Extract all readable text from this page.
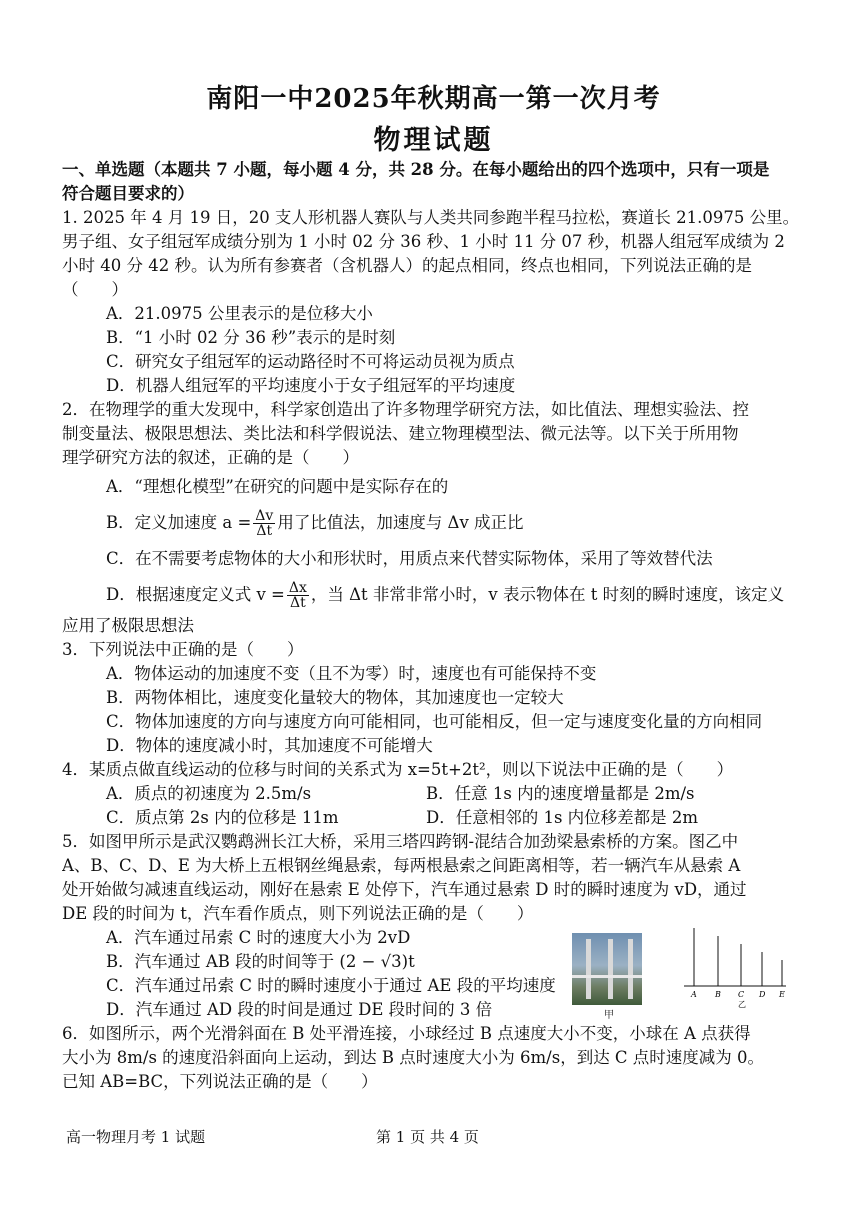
南阳一中2025年秋期高一第一次月考
物理试题
一、单选题（本题共 7 小题，每小题 4 分，共 28 分。在每小题给出的四个选项中，只有一项是
符合题目要求的）
1. 2025 年 4 月 19 日，20 支人形机器人赛队与人类共同参跑半程马拉松，赛道长 21.0975 公里。
男子组、女子组冠军成绩分别为 1 小时 02 分 36 秒、1 小时 11 分 07 秒，机器人组冠军成绩为 2
小时 40 分 42 秒。认为所有参赛者（含机器人）的起点相同，终点也相同，下列说法正确的是
（　　）
A．21.0975 公里表示的是位移大小
B．“1 小时 02 分 36 秒”表示的是时刻
C．研究女子组冠军的运动路径时不可将运动员视为质点
D．机器人组冠军的平均速度小于女子组冠军的平均速度
2．在物理学的重大发现中，科学家创造出了许多物理学研究方法，如比值法、理想实验法、控
制变量法、极限思想法、类比法和科学假说法、建立物理模型法、微元法等。以下关于所用物
理学研究方法的叙述，正确的是（　　）
A．“理想化模型”在研究的问题中是实际存在的
B．定义加速度 $a = \frac{\Delta v}{\Delta t}$ 用了比值法，加速度与 Δv 成正比
C．在不需要考虑物体的大小和形状时，用质点来代替实际物体，采用了等效替代法
D．根据速度定义式 $v = \frac{\Delta x}{\Delta t}$ ，当 Δt 非常非常小时，v 表示物体在 t 时刻的瞬时速度，该定义
应用了极限思想法
3．下列说法中正确的是（　　）
A．物体运动的加速度不变（且不为零）时，速度也有可能保持不变
B．两物体相比，速度变化量较大的物体，其加速度也一定较大
C．物体加速度的方向与速度方向可能相同，也可能相反，但一定与速度变化量的方向相同
D．物体的速度减小时，其加速度不可能增大
4．某质点做直线运动的位移与时间的关系式为 x=5t+2t²，则以下说法中正确的是（　　）
A．质点的初速度为 2.5m/s	B．任意 1s 内的速度增量都是 2m/s
C．质点第 2s 内的位移是 11m	D．任意相邻的 1s 内位移差都是 2m
5．如图甲所示是武汉鹦鹉洲长江大桥，采用三塔四跨钢-混结合加劲梁悬索桥的方案。图乙中
A、B、C、D、E 为大桥上五根钢丝绳悬索，每两根悬索之间距离相等，若一辆汽车从悬索 A
处开始做匀减速直线运动，刚好在悬索 E 处停下，汽车通过悬索 D 时的瞬时速度为 vD，通过
DE 段的时间为 t，汽车看作质点，则下列说法正确的是（　　）
A．汽车通过吊索 C 时的速度大小为 2vD
B．汽车通过 AB 段的时间等于 (2 − √3)t
C．汽车通过吊索 C 时的瞬时速度小于通过 AE 段的平均速度
D．汽车通过 AD 段的时间是通过 DE 段时间的 3 倍
6．如图所示，两个光滑斜面在 B 处平滑连接，小球经过 B 点速度大小不变，小球在 A 点获得
大小为 8m/s 的速度沿斜面向上运动，到达 B 点时速度大小为 6m/s，到达 C 点时速度减为 0。
已知 AB=BC，下列说法正确的是（　　）
甲
A B C D E
乙
高一物理月考 1 试题	第 1 页 共 4 页
